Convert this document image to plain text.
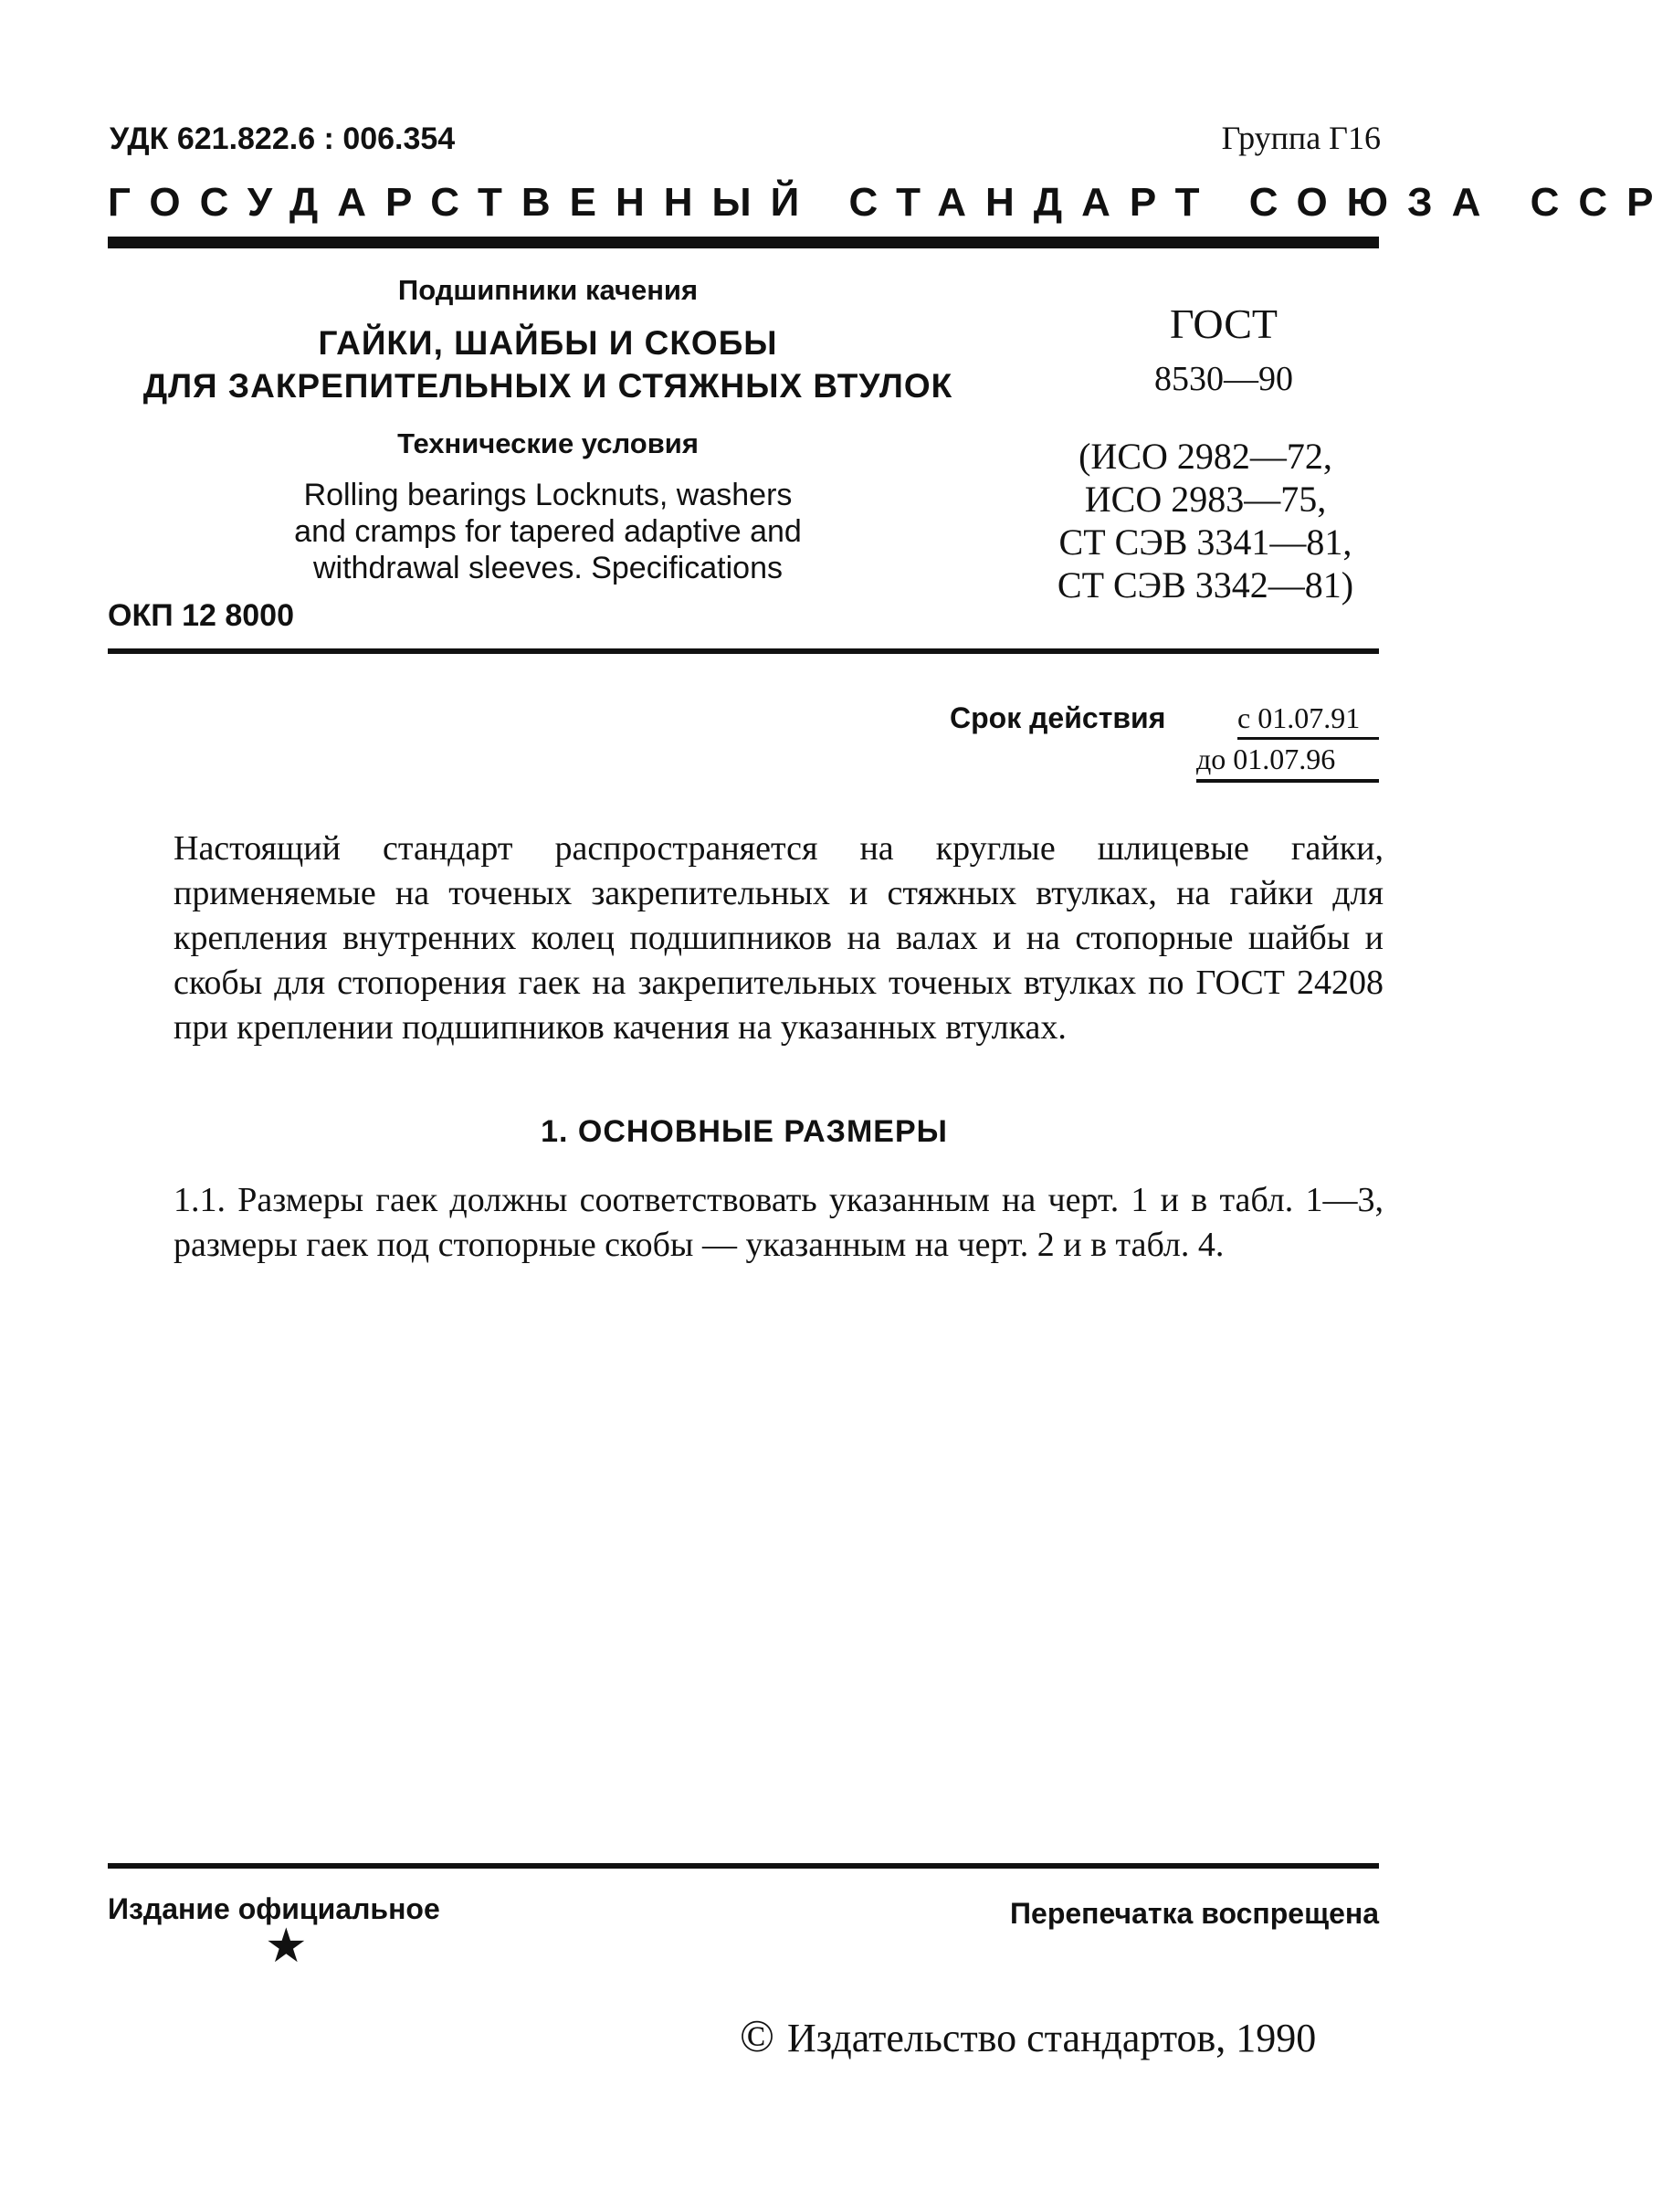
УДК 621.822.6 : 006.354	Группа Г16
ГОСУДАРСТВЕННЫЙ СТАНДАРТ СОЮЗА ССР
Подшипники качения
ГАЙКИ, ШАЙБЫ И СКОБЫ
ДЛЯ ЗАКРЕПИТЕЛЬНЫХ И СТЯЖНЫХ ВТУЛОК
Технические условия
Rolling bearings Locknuts, washers
and cramps for tapered adaptive and
withdrawal sleeves. Specifications
ОКП 12 8000
ГОСТ
8530—90
(ИСО 2982—72,
ИСО 2983—75,
СТ СЭВ 3341—81,
СТ СЭВ 3342—81)
Срок действия с 01.07.91
до 01.07.96

Настоящий стандарт распространяется на круглые шлицевые гайки, применяемые на точеных закрепительных и стяжных втулках, на гайки для крепления внутренних колец подшипников на валах и на стопорные шайбы и скобы для стопорения гаек на закрепительных точеных втулках по ГОСТ 24208 при креплении подшипников качения на указанных втулках.

1. ОСНОВНЫЕ РАЗМЕРЫ

1.1. Размеры гаек должны соответствовать указанным на черт. 1 и в табл. 1—3, размеры гаек под стопорные скобы — указанным на черт. 2 и в табл. 4.

Издание официальное	Перепечатка воспрещена
★
© Издательство стандартов, 1990
